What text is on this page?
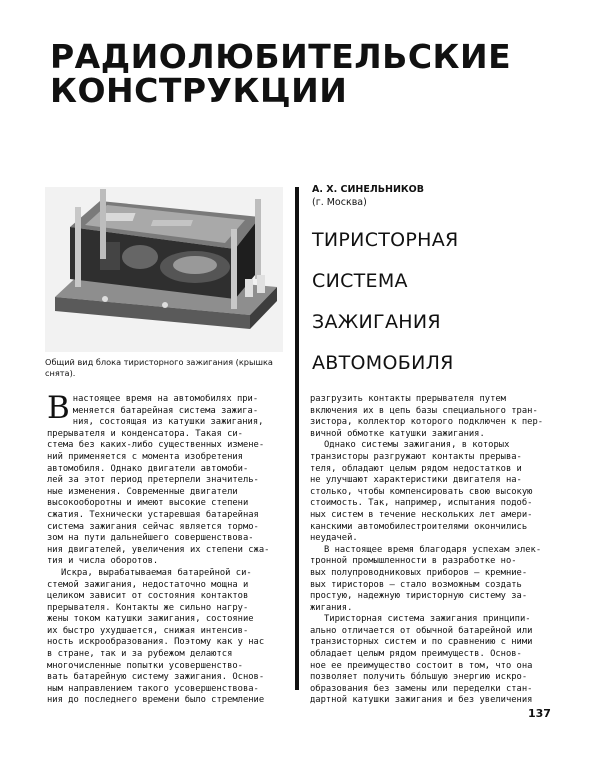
РАДИОЛЮБИТЕЛЬСКИЕ
КОНСТРУКЦИИ
Общий вид блока тиристорного зажигания (крышка снята).
А. Х. СИНЕЛЬНИКОВ
(г. Москва)
ТИРИСТОРНАЯ
СИСТЕМА
ЗАЖИГАНИЯ
АВТОМОБИЛЯ
В настоящее время на автомобилях при-
меняется батарейная система зажига-
ния, состоящая из катушки зажигания,
прерывателя и конденсатора. Такая си-
стема без каких-либо существенных измене-
ний применяется с момента изобретения
автомобиля. Однако двигатели автомоби-
лей за этот период претерпели значитель-
ные изменения. Современные двигатели
высокооборотны и имеют высокие степени
сжатия. Технически устаревшая батарейная
система зажигания сейчас является тормо-
зом на пути дальнейшего совершенствова-
ния двигателей, увеличения их степени сжа-
тия и числа оборотов.

Искра, вырабатываемая батарейной си-
стемой зажигания, недостаточно мощна и
целиком зависит от состояния контактов
прерывателя. Контакты же сильно нагру-
жены током катушки зажигания, состояние
их быстро ухудшается, снижая интенсив-
ность искрообразования. Поэтому как у нас
в стране, так и за рубежом делаются
многочисленные попытки усовершенство-
вать батарейную систему зажигания. Основ-
ным направлением такого усовершенствова-
ния до последнего времени было стремление

разгрузить контакты прерывателя путем
включения их в цепь базы специального тран-
зистора, коллектор которого подключен к пер-
вичной обмотке катушки зажигания.

Однако системы зажигания, в которых
транзисторы разгружают контакты прерыва-
теля, обладают целым рядом недостатков и
не улучшают характеристики двигателя на-
столько, чтобы компенсировать свою высокую
стоимость. Так, например, испытания подоб-
ных систем в течение нескольких лет амери-
канскими автомобилестроителями окончились
неудачей.

В настоящее время благодаря успехам элек-
тронной промышленности в разработке но-
вых полупроводниковых приборов — кремние-
вых тиристоров — стало возможным создать
простую, надежную тиристорную систему за-
жигания.

Тиристорная система зажигания принципи-
ально отличается от обычной батарейной или
транзисторных систем и по сравнению с ними
обладает целым рядом преимуществ. Основ-
ное ее преимущество состоит в том, что она
позволяет получить бо́льшую энергию искро-
образования без замены или переделки стан-
дартной катушки зажигания и без увеличения

137
